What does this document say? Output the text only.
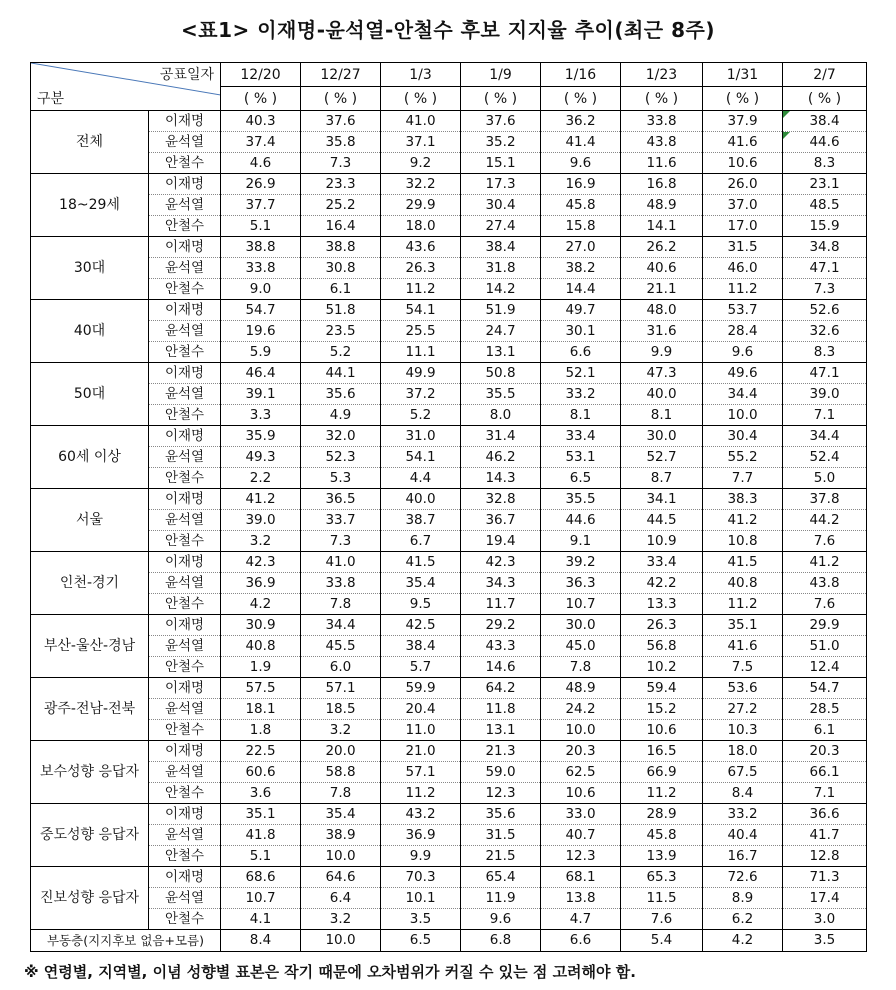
<표1> 이재명-윤석열-안철수 후보 지지율 추이(최근 8주)
공표일자
구분		12/20	12/27	1/3	1/9	1/16	1/23	1/31	2/7
		( % )	( % )	( % )	( % )	( % )	( % )	( % )	( % )
전체	이재명	40.3	37.6	41.0	37.6	36.2	33.8	37.9	38.4

	윤석열	37.4	35.8	37.1	35.2	41.4	43.8	41.6	44.6

	안철수	4.6	7.3	9.2	15.1	9.6	11.6	10.6	8.3
18~29세	이재명	26.9	23.3	32.2	17.3	16.9	16.8	26.0	23.1
	윤석열	37.7	25.2	29.9	30.4	45.8	48.9	37.0	48.5
	안철수	5.1	16.4	18.0	27.4	15.8	14.1	17.0	15.9
30대	이재명	38.8	38.8	43.6	38.4	27.0	26.2	31.5	34.8
	윤석열	33.8	30.8	26.3	31.8	38.2	40.6	46.0	47.1
	안철수	9.0	6.1	11.2	14.2	14.4	21.1	11.2	7.3
40대	이재명	54.7	51.8	54.1	51.9	49.7	48.0	53.7	52.6
	윤석열	19.6	23.5	25.5	24.7	30.1	31.6	28.4	32.6
	안철수	5.9	5.2	11.1	13.1	6.6	9.9	9.6	8.3
50대	이재명	46.4	44.1	49.9	50.8	52.1	47.3	49.6	47.1
	윤석열	39.1	35.6	37.2	35.5	33.2	40.0	34.4	39.0
	안철수	3.3	4.9	5.2	8.0	8.1	8.1	10.0	7.1
60세 이상	이재명	35.9	32.0	31.0	31.4	33.4	30.0	30.4	34.4
	윤석열	49.3	52.3	54.1	46.2	53.1	52.7	55.2	52.4
	안철수	2.2	5.3	4.4	14.3	6.5	8.7	7.7	5.0
서울	이재명	41.2	36.5	40.0	32.8	35.5	34.1	38.3	37.8
	윤석열	39.0	33.7	38.7	36.7	44.6	44.5	41.2	44.2
	안철수	3.2	7.3	6.7	19.4	9.1	10.9	10.8	7.6
인천-경기	이재명	42.3	41.0	41.5	42.3	39.2	33.4	41.5	41.2
	윤석열	36.9	33.8	35.4	34.3	36.3	42.2	40.8	43.8
	안철수	4.2	7.8	9.5	11.7	10.7	13.3	11.2	7.6
부산-울산-경남	이재명	30.9	34.4	42.5	29.2	30.0	26.3	35.1	29.9
	윤석열	40.8	45.5	38.4	43.3	45.0	56.8	41.6	51.0
	안철수	1.9	6.0	5.7	14.6	7.8	10.2	7.5	12.4
광주-전남-전북	이재명	57.5	57.1	59.9	64.2	48.9	59.4	53.6	54.7
	윤석열	18.1	18.5	20.4	11.8	24.2	15.2	27.2	28.5
	안철수	1.8	3.2	11.0	13.1	10.0	10.6	10.3	6.1
보수성향 응답자	이재명	22.5	20.0	21.0	21.3	20.3	16.5	18.0	20.3
	윤석열	60.6	58.8	57.1	59.0	62.5	66.9	67.5	66.1
	안철수	3.6	7.8	11.2	12.3	10.6	11.2	8.4	7.1
중도성향 응답자	이재명	35.1	35.4	43.2	35.6	33.0	28.9	33.2	36.6
	윤석열	41.8	38.9	36.9	31.5	40.7	45.8	40.4	41.7
	안철수	5.1	10.0	9.9	21.5	12.3	13.9	16.7	12.8
진보성향 응답자	이재명	68.6	64.6	70.3	65.4	68.1	65.3	72.6	71.3
	윤석열	10.7	6.4	10.1	11.9	13.8	11.5	8.9	17.4
	안철수	4.1	3.2	3.5	9.6	4.7	7.6	6.2	3.0
부동층(지지후보 없음+모름)		8.4	10.0	6.5	6.8	6.6	5.4	4.2	3.5
※ 연령별, 지역별, 이념 성향별 표본은 작기 때문에 오차범위가 커질 수 있는 점 고려해야 함.
